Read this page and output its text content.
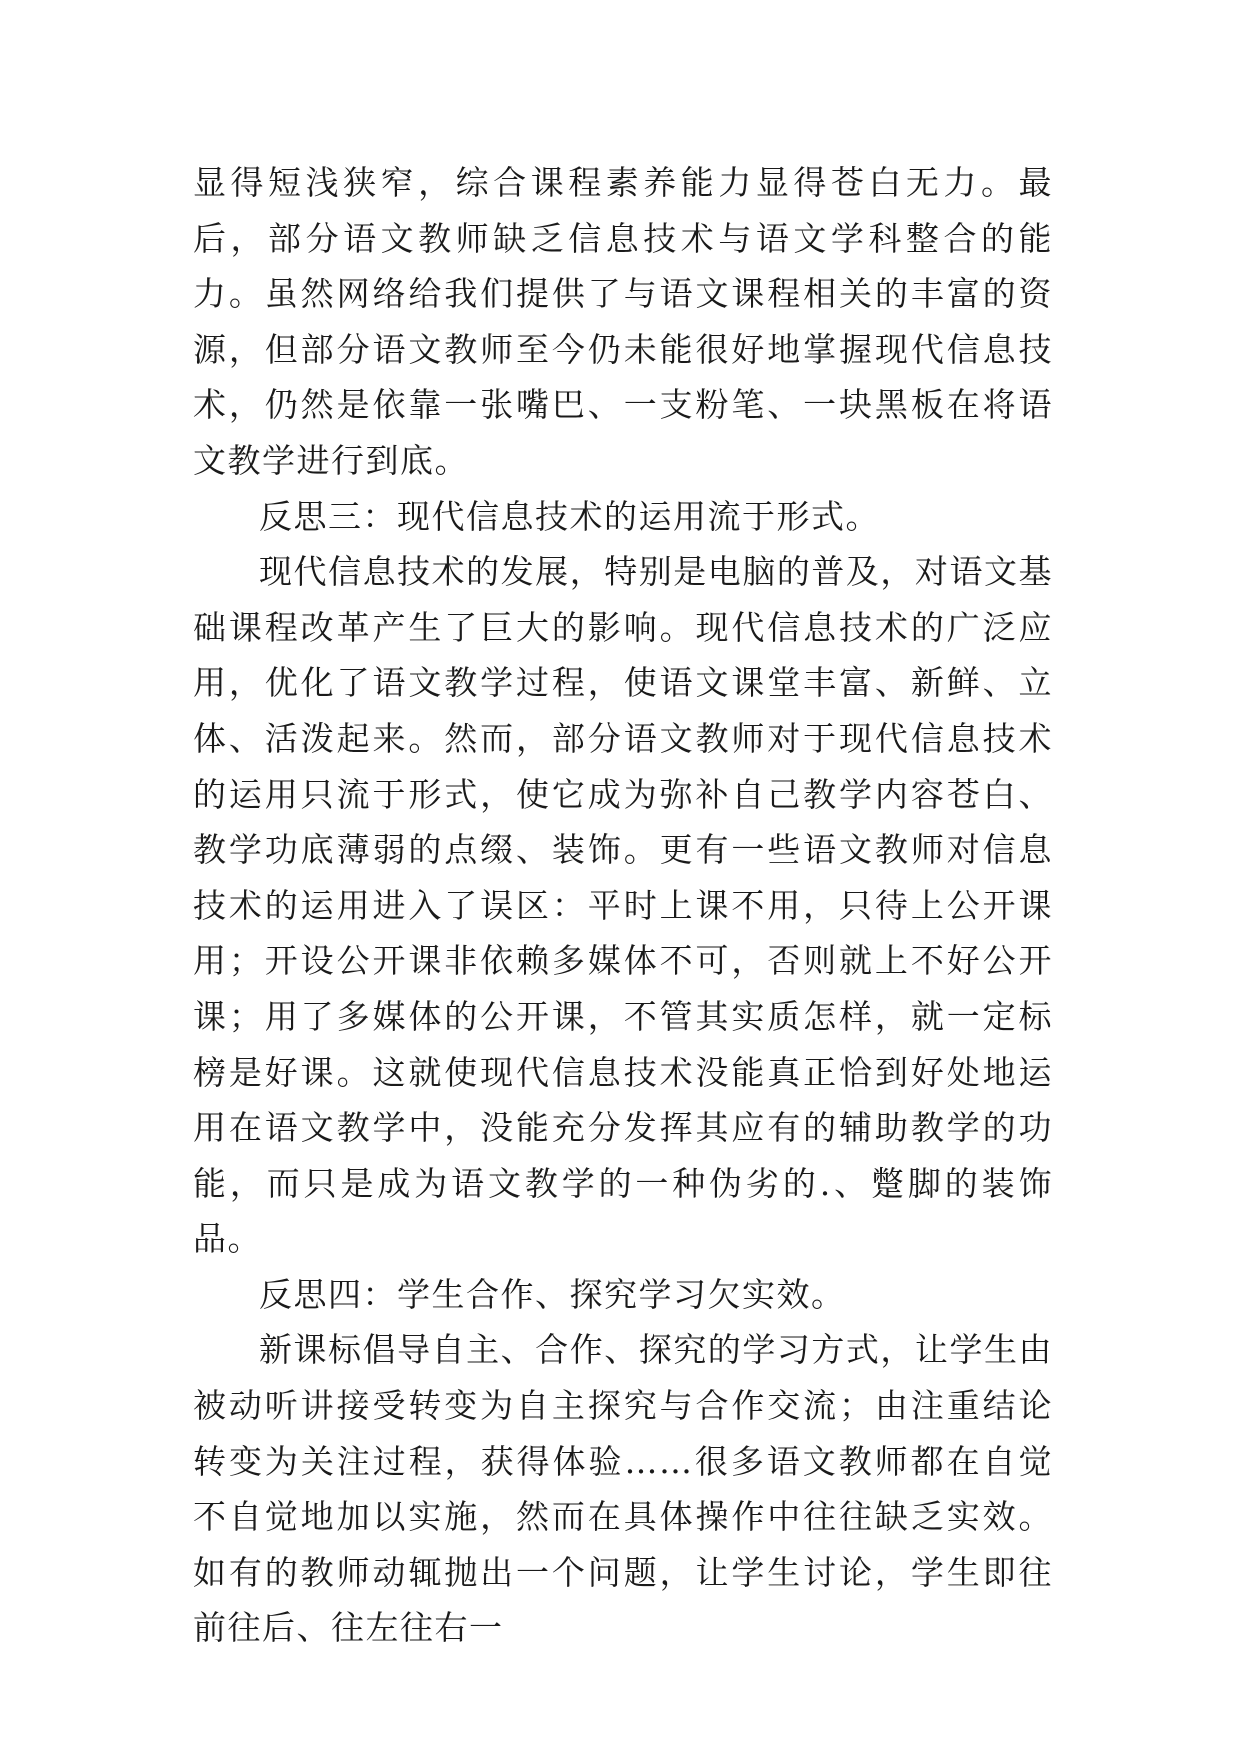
显得短浅狭窄，综合课程素养能力显得苍白无力。最后，部分语文教师缺乏信息技术与语文学科整合的能力。虽然网络给我们提供了与语文课程相关的丰富的资源，但部分语文教师至今仍未能很好地掌握现代信息技术，仍然是依靠一张嘴巴、一支粉笔、一块黑板在将语文教学进行到底。

反思三：现代信息技术的运用流于形式。

现代信息技术的发展，特别是电脑的普及，对语文基础课程改革产生了巨大的影响。现代信息技术的广泛应用，优化了语文教学过程，使语文课堂丰富、新鲜、立体、活泼起来。然而，部分语文教师对于现代信息技术的运用只流于形式，使它成为弥补自己教学内容苍白、教学功底薄弱的点缀、装饰。更有一些语文教师对信息技术的运用进入了误区：平时上课不用，只待上公开课用；开设公开课非依赖多媒体不可，否则就上不好公开课；用了多媒体的公开课，不管其实质怎样，就一定标榜是好课。这就使现代信息技术没能真正恰到好处地运用在语文教学中，没能充分发挥其应有的辅助教学的功能，而只是成为语文教学的一种伪劣的.、蹩脚的装饰品。

反思四：学生合作、探究学习欠实效。

新课标倡导自主、合作、探究的学习方式，让学生由被动听讲接受转变为自主探究与合作交流；由注重结论转变为关注过程，获得体验……很多语文教师都在自觉不自觉地加以实施，然而在具体操作中往往缺乏实效。如有的教师动辄抛出一个问题，让学生讨论，学生即往前往后、往左往右一
